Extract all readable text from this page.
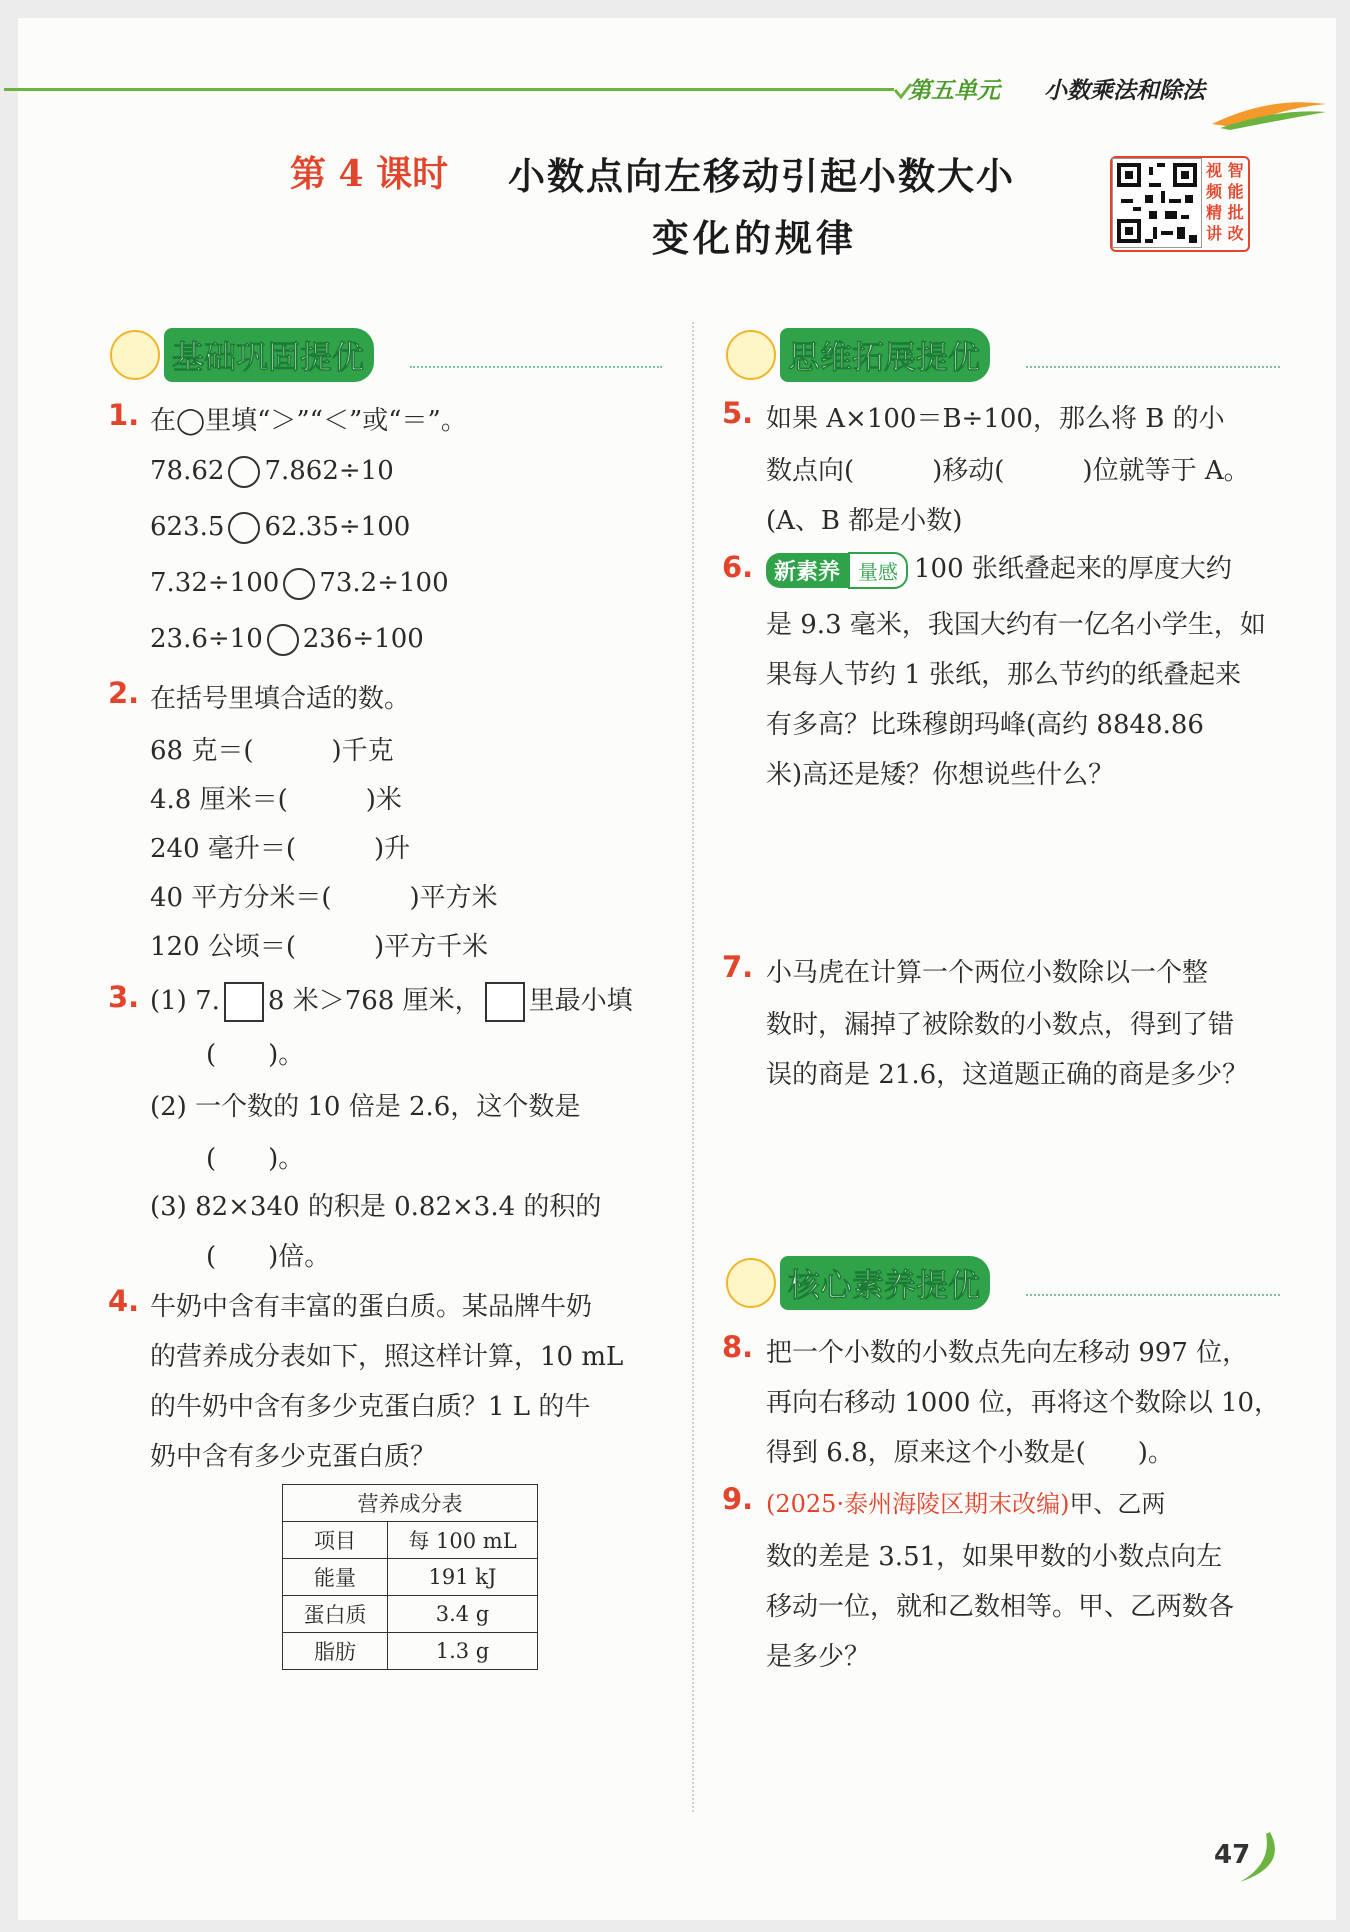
第五单元 小数乘法和除法
第 4 课时 小数点向左移动引起小数大小
变化的规律
视 智
频 能
精 批
讲 改
基础巩固提优
1. 在◯里填“＞”“＜”或“＝”。
78.62 7.862÷10
623.5 62.35÷100
7.32÷100 73.2÷100
23.6÷10 236÷100
2. 在括号里填合适的数。
68 克＝(　　　)千克
4.8 厘米＝(　　　)米
240 毫升＝(　　　)升
40 平方分米＝(　　　)平方米
120 公顷＝(　　　)平方千米
3. (1) 7. 8 米＞768 厘米， 里最小填
(　　)。
(2) 一个数的 10 倍是 2.6，这个数是
(　　)。
(3) 82×340 的积是 0.82×3.4 的积的
(　　)倍。
4. 牛奶中含有丰富的蛋白质。某品牌牛奶
的营养成分表如下，照这样计算，10 mL
的牛奶中含有多少克蛋白质？1 L 的牛
奶中含有多少克蛋白质？
营养成分表	
项目	每 100 mL
能量	191 kJ
蛋白质	3.4 g
脂肪	1.3 g
思维拓展提优
5. 如果 A×100＝B÷100，那么将 B 的小
数点向(　　　)移动(　　　)位就等于 A。
(A、B 都是小数)
6. 新素养 量感 100 张纸叠起来的厚度大约
是 9.3 毫米，我国大约有一亿名小学生，如
果每人节约 1 张纸，那么节约的纸叠起来
有多高？比珠穆朗玛峰(高约 8848.86
米)高还是矮？你想说些什么？
7. 小马虎在计算一个两位小数除以一个整
数时，漏掉了被除数的小数点，得到了错
误的商是 21.6，这道题正确的商是多少？
核心素养提优
8. 把一个小数的小数点先向左移动 997 位，
再向右移动 1000 位，再将这个数除以 10，
得到 6.8，原来这个小数是(　　)。
9. (2025·泰州海陵区期末改编)甲、乙两
数的差是 3.51，如果甲数的小数点向左
移动一位，就和乙数相等。甲、乙两数各
是多少？
47
